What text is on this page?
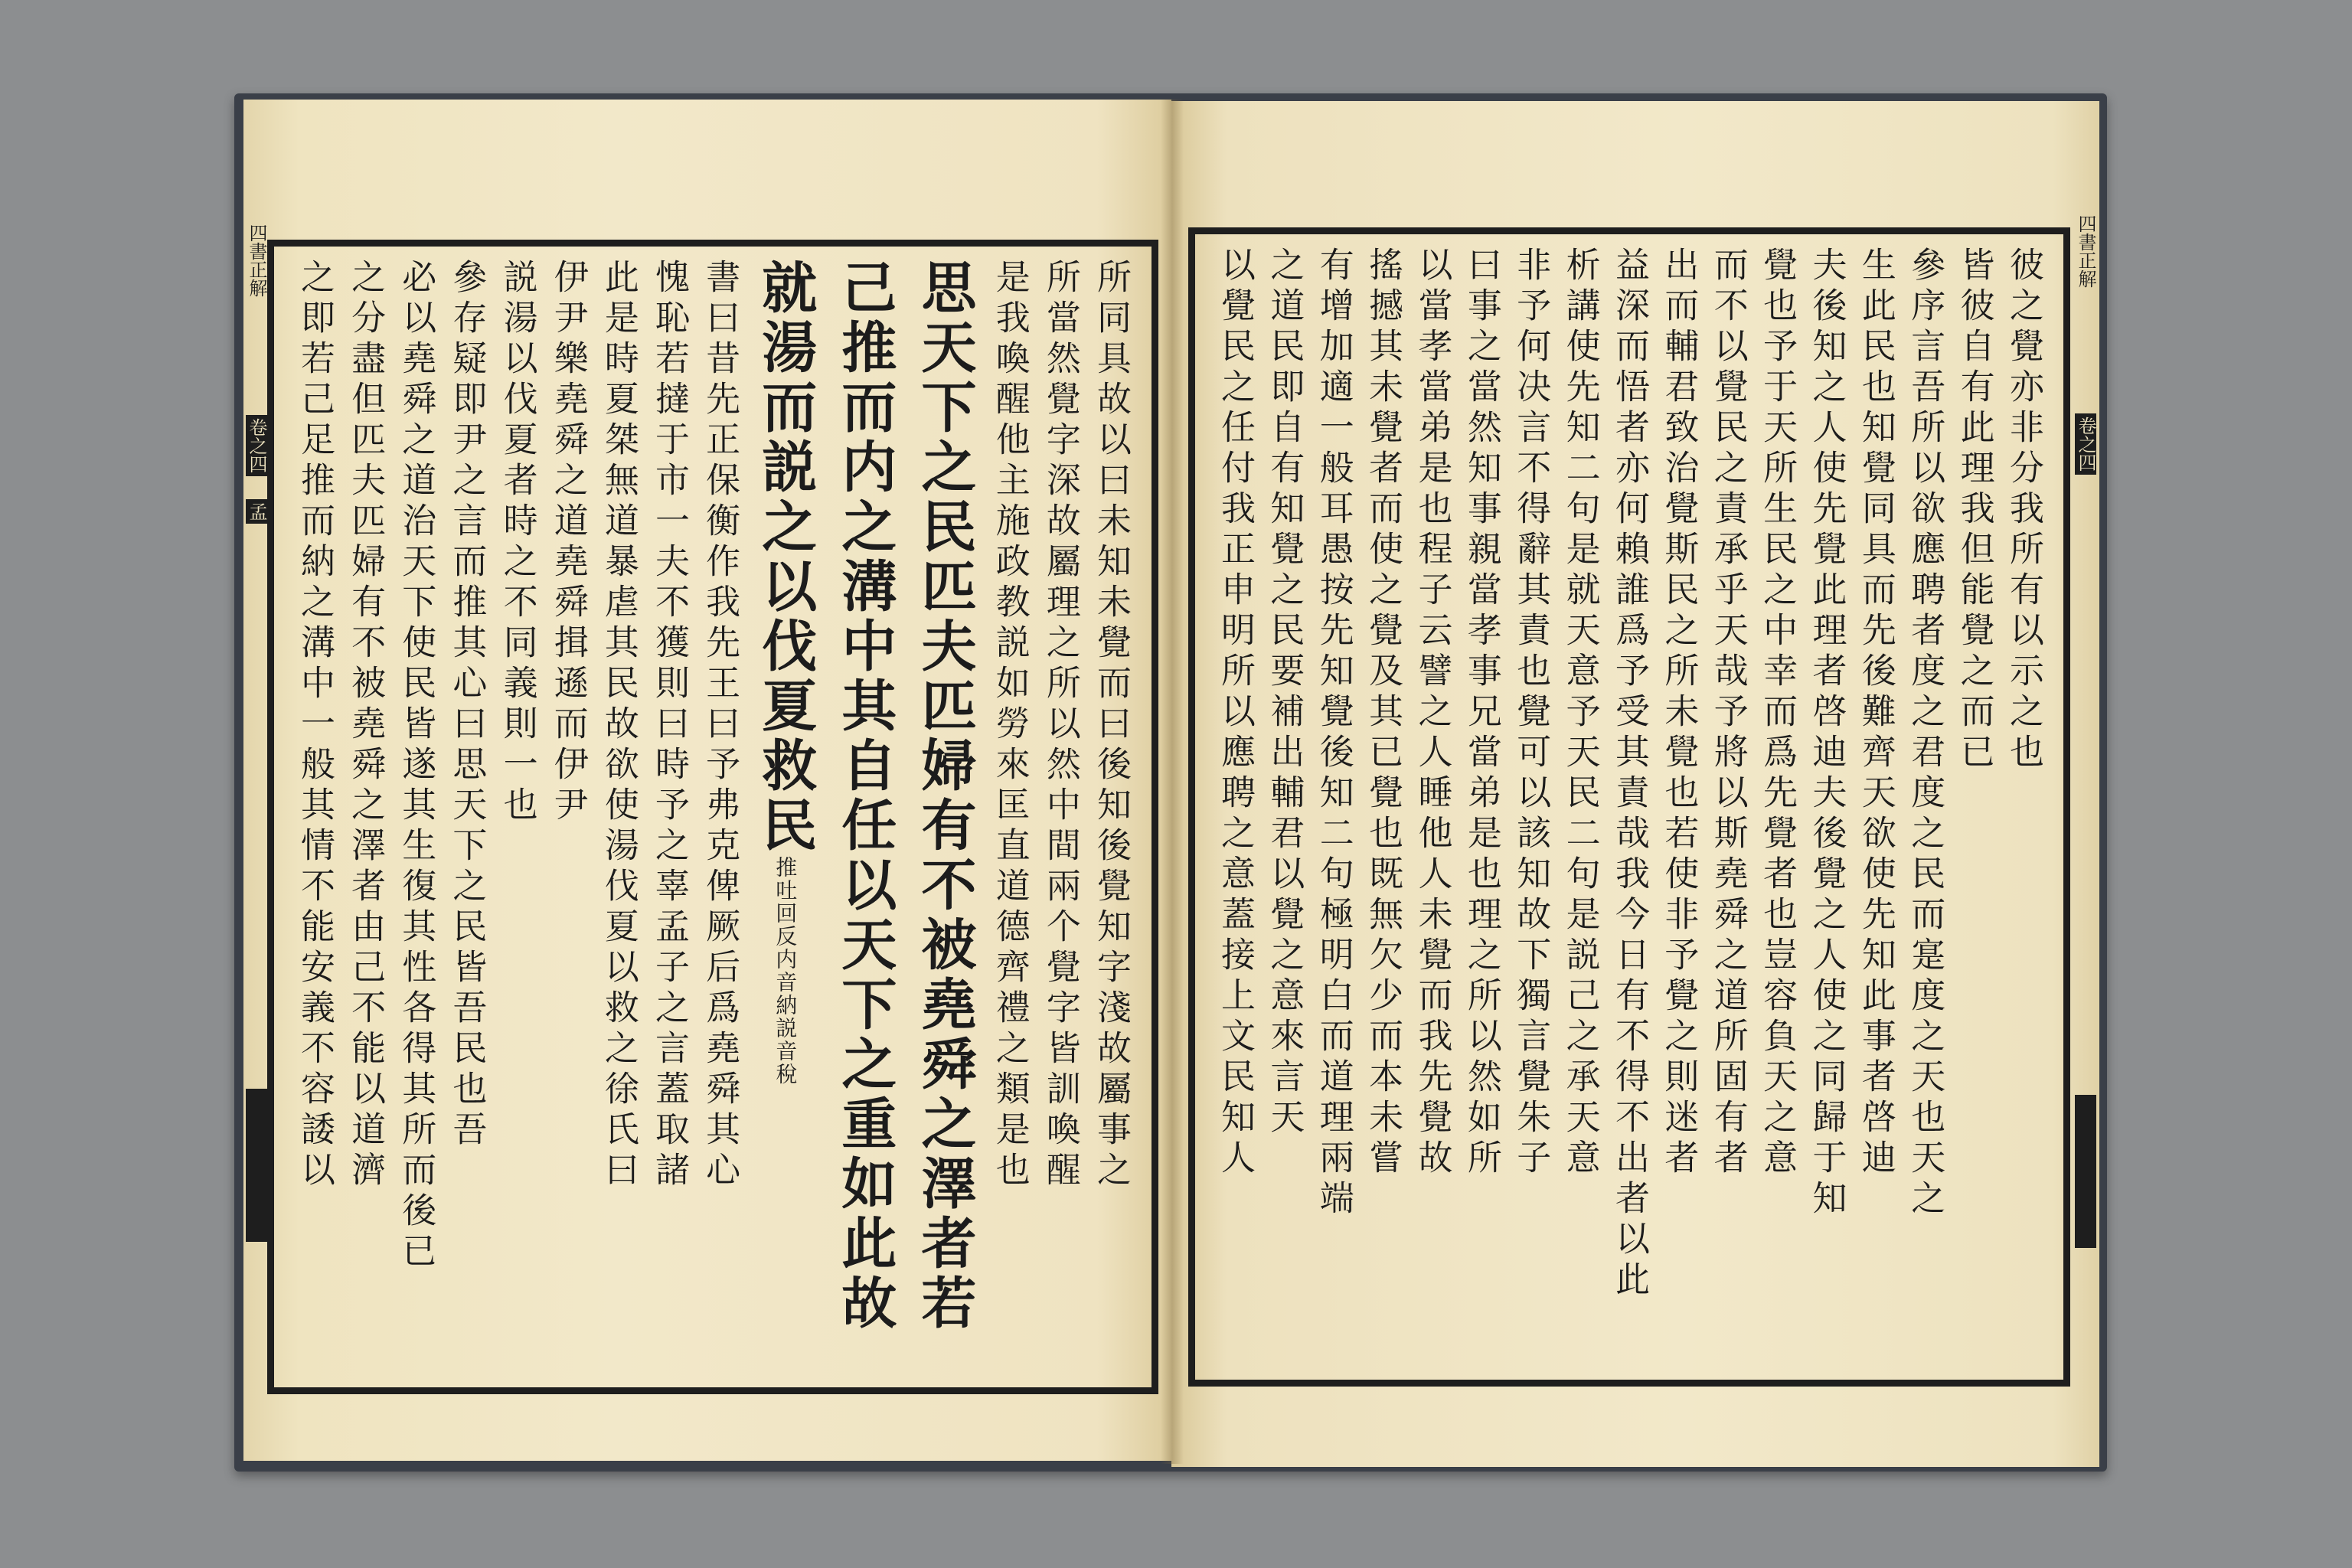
四書正解
卷之四
孟
四書正解
卷之四
所同具故以曰未知未覺而曰後知後覺知字淺故屬事之
所當然覺字深故屬理之所以然中間兩个覺字皆訓喚醒
是我喚醒他主施政教説如勞來匡直道德齊禮之類是也
思天下之民匹夫匹婦有不被堯舜之澤者若
己推而内之溝中其自任以天下之重如此故
就湯而説之以伐夏救民推吐回反内音納説音稅
書曰昔先正保衡作我先王曰予弗克俾厥后爲堯舜其心
愧恥若撻于市一夫不獲則曰時予之辜孟子之言蓋取諸
此是時夏桀無道暴虐其民故欲使湯伐夏以救之徐氏曰
伊尹樂堯舜之道堯舜揖遜而伊尹
説湯以伐夏者時之不同義則一也
參存疑即尹之言而推其心曰思天下之民皆吾民也吾
必以堯舜之道治天下使民皆遂其生復其性各得其所而後已
之分盡但匹夫匹婦有不被堯舜之澤者由己不能以道濟
之即若己足推而納之溝中一般其情不能安義不容諉以	彼之覺亦非分我所有以示之也
皆彼自有此理我但能覺之而已
參序言吾所以欲應聘者度之君度之民而寔度之天也天之
生此民也知覺同具而先後難齊天欲使先知此事者啓迪
夫後知之人使先覺此理者啓迪夫後覺之人使之同歸于知
覺也予于天所生民之中幸而爲先覺者也豈容負天之意
而不以覺民之責承乎天哉予將以斯堯舜之道所固有者
出而輔君致治覺斯民之所未覺也若使非予覺之則迷者
益深而悟者亦何賴誰爲予受其責哉我今日有不得不出者以此
析講使先知二句是就天意予天民二句是説己之承天意
非予何决言不得辭其責也覺可以該知故下獨言覺朱子
曰事之當然知事親當孝事兄當弟是也理之所以然如所
以當孝當弟是也程子云譬之人睡他人未覺而我先覺故
搖撼其未覺者而使之覺及其已覺也既無欠少而本未嘗
有增加適一般耳愚按先知覺後知二句極明白而道理兩端
之道民即自有知覺之民要補出輔君以覺之意來言天
以覺民之任付我正申明所以應聘之意蓋接上文民知人
